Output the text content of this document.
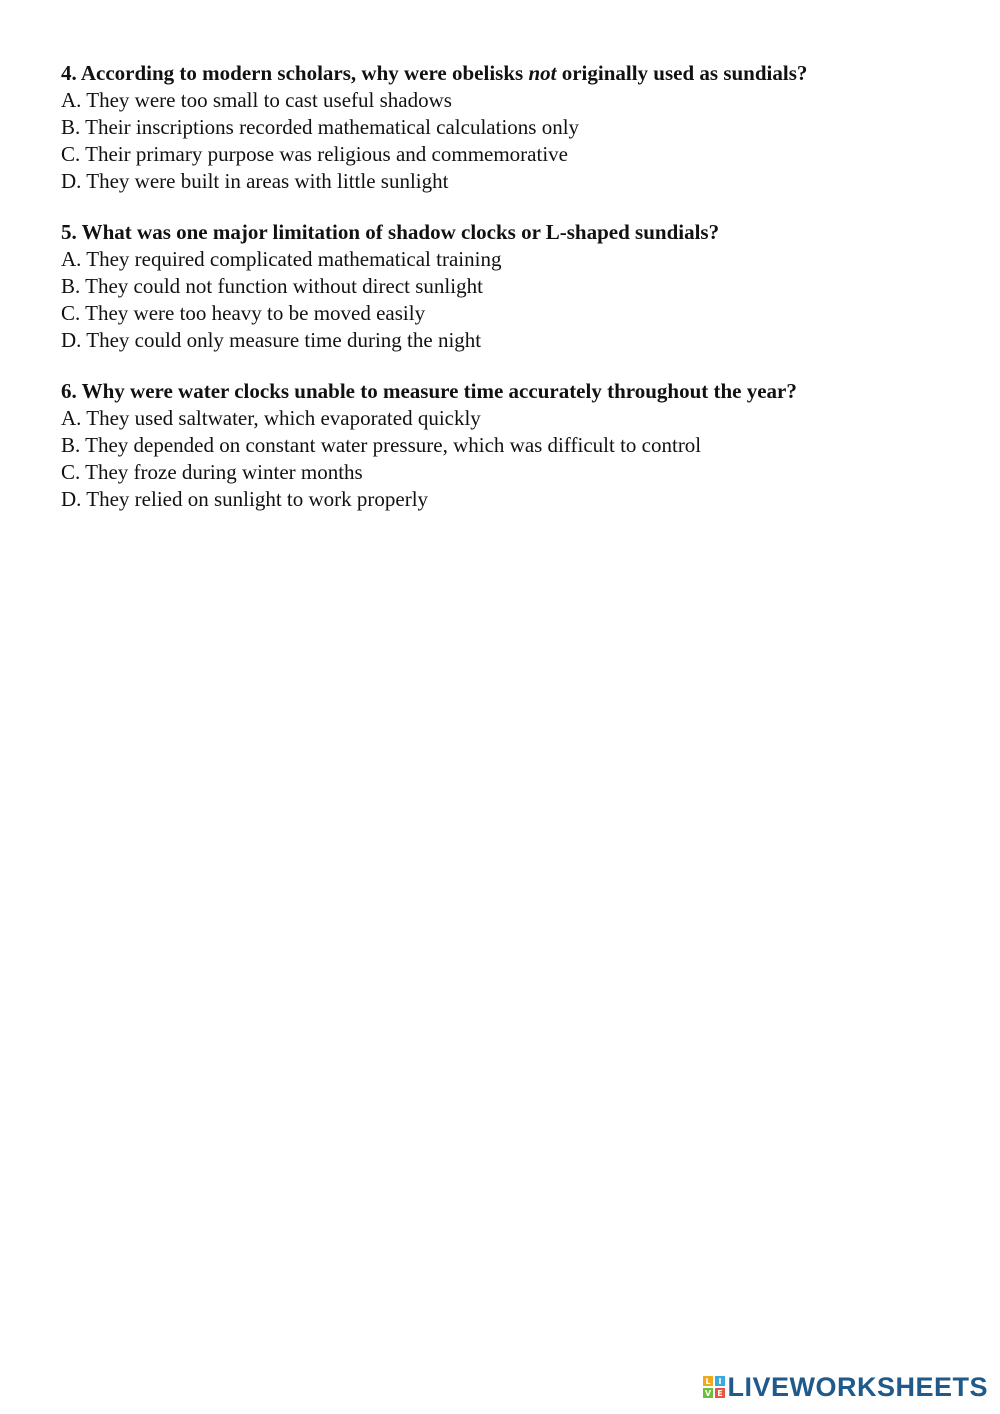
4. According to modern scholars, why were obelisks not originally used as sundials?

A. They were too small to cast useful shadows

B. Their inscriptions recorded mathematical calculations only

C. Their primary purpose was religious and commemorative

D. They were built in areas with little sunlight

5. What was one major limitation of shadow clocks or L-shaped sundials?

A. They required complicated mathematical training

B. They could not function without direct sunlight

C. They were too heavy to be moved easily

D. They could only measure time during the night

6. Why were water clocks unable to measure time accurately throughout the year?

A. They used saltwater, which evaporated quickly

B. They depended on constant water pressure, which was difficult to control

C. They froze during winter months

D. They relied on sunlight to work properly

L I
V E LIVEWORKSHEETS
